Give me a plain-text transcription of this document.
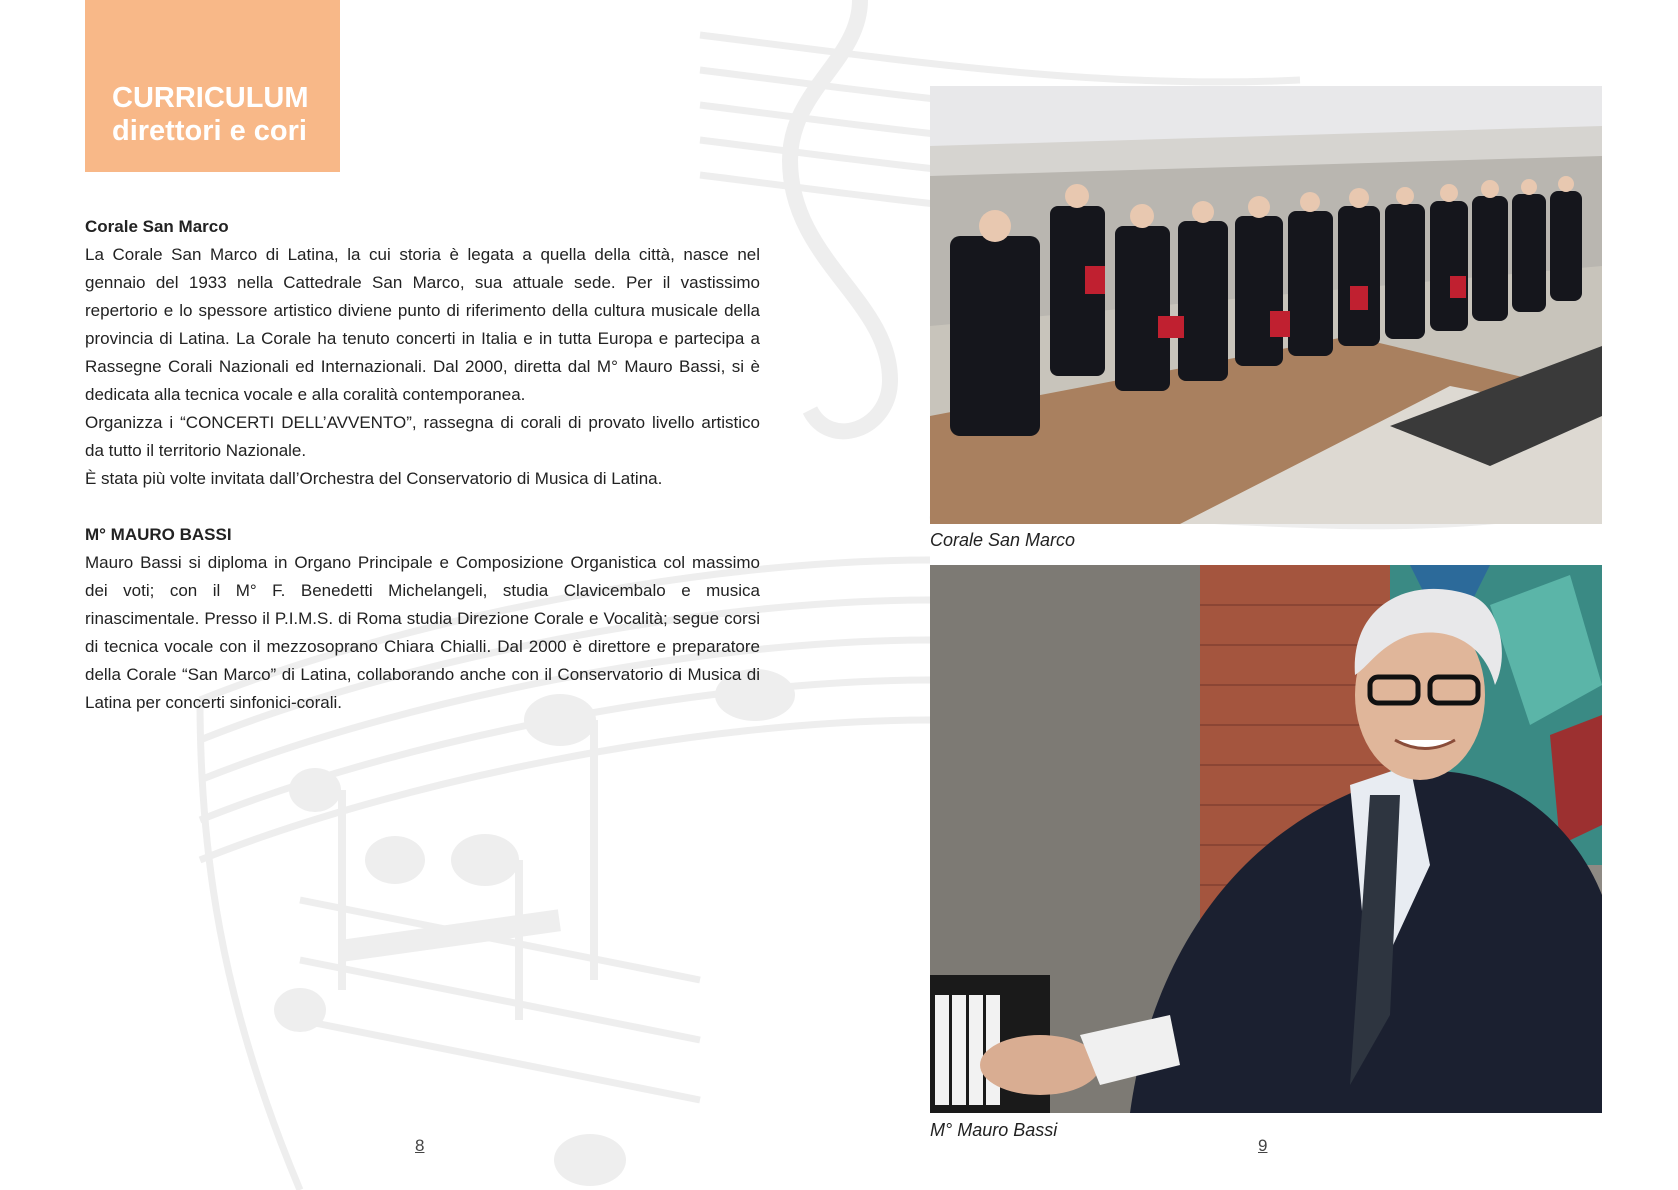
CURRICULUM
direttori e cori

Corale San Marco

La Corale San Marco di Latina, la cui storia è legata a quella della città, nasce nel gennaio del 1933 nella Cattedrale San Marco, sua attuale sede. Per il vastissimo repertorio e lo spessore artistico diviene punto di riferimento della cultura musicale della provincia di Latina. La Corale ha tenuto concerti in Italia e in tutta Europa e partecipa a Rassegne Corali Nazionali ed Internazionali. Dal 2000, diretta dal M° Mauro Bassi, si è dedicata alla tecnica vocale e alla coralità contemporanea.

Organizza i “CONCERTI DELL’AVVENTO”, rassegna di corali di provato livello artistico da tutto il territorio Nazionale.

È stata più volte invitata dall’Orchestra del Conservatorio di Musica di Latina.

M° MAURO BASSI

Mauro Bassi si diploma in Organo Principale e Composizione Organistica col massimo dei voti; con il M° F. Benedetti Michelangeli, studia Clavicembalo e musica rinascimentale. Presso il P.I.M.S. di Roma studia Direzione Corale e Vocalità; segue corsi di tecnica vocale con il mezzosoprano Chiara Chialli. Dal 2000 è direttore e preparatore della Corale “San Marco” di Latina, collaborando anche con il Conservatorio di Musica di Latina per concerti sinfonici-corali.

Corale San Marco
M° Mauro Bassi
8	9
